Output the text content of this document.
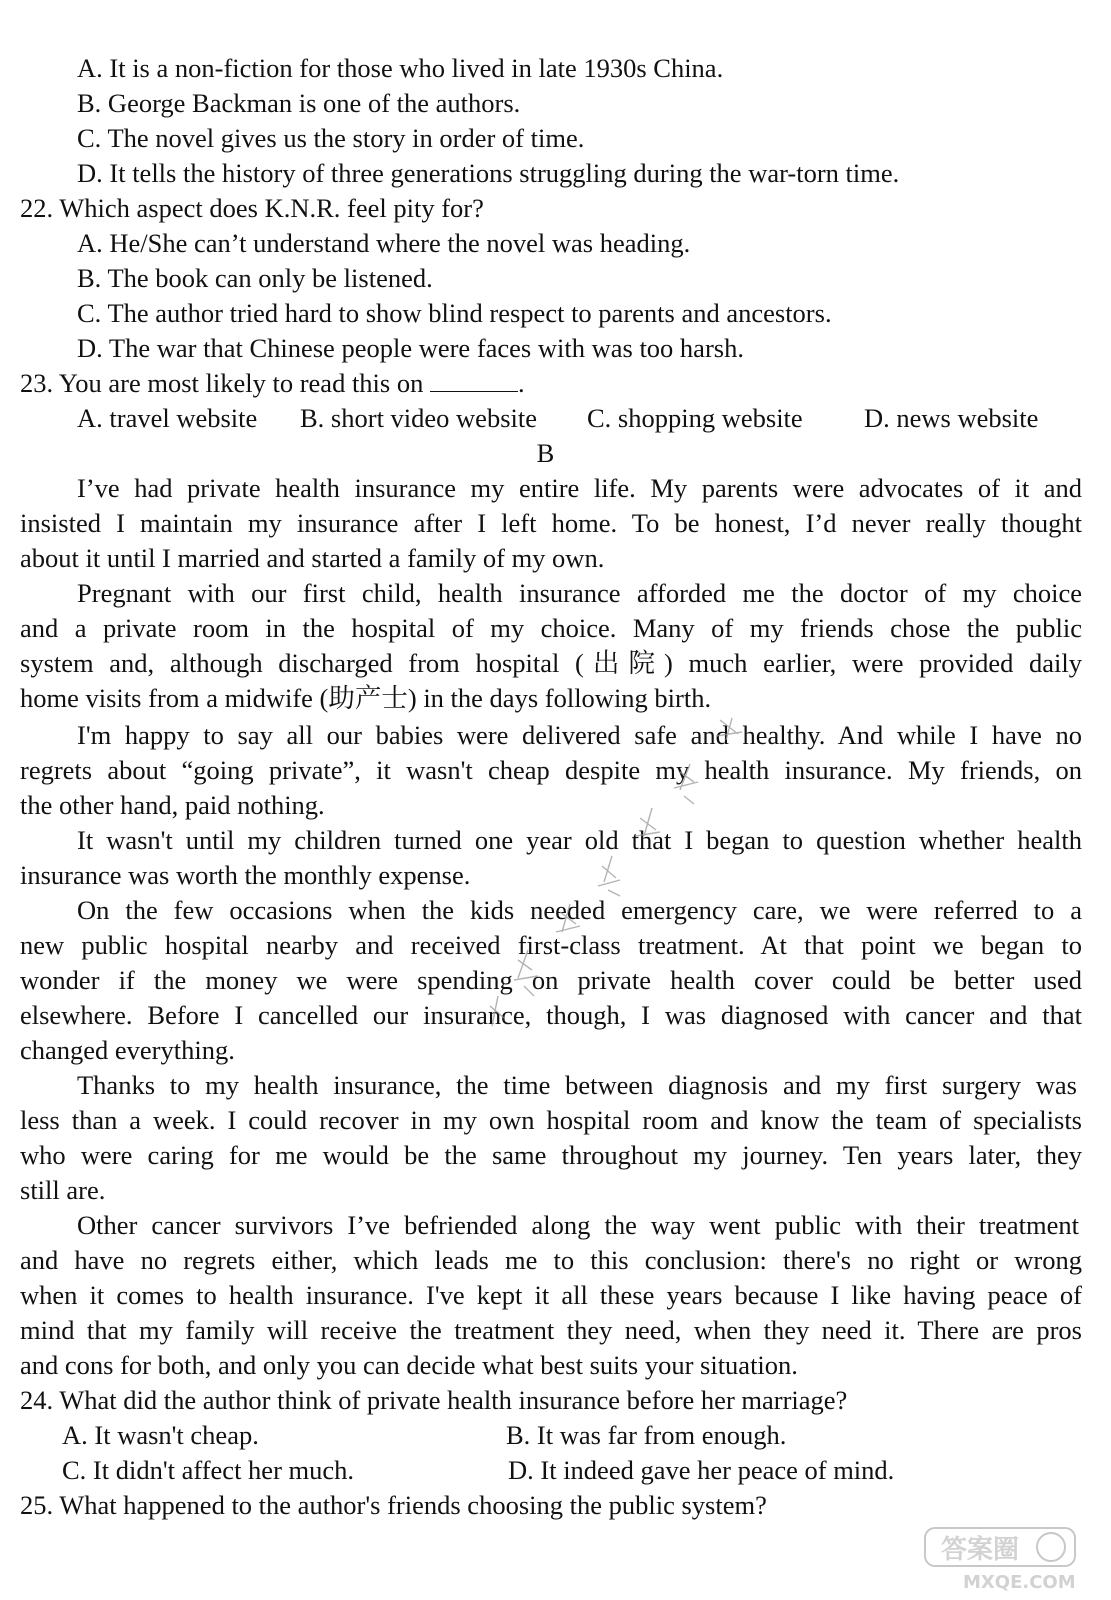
A. It is a non-fiction for those who lived in late 1930s China.
B. George Backman is one of the authors.
C. The novel gives us the story in order of time.
D. It tells the history of three generations struggling during the war-torn time.
22. Which aspect does K.N.R. feel pity for?
A. He/She can’t understand where the novel was heading.
B. The book can only be listened.
C. The author tried hard to show blind respect to parents and ancestors.
D. The war that Chinese people were faces with was too harsh.
23. You are most likely to read this on	.
A. travel website B. short video website C. shopping website D. news website
B
I’ve had private health insurance my entire life. My parents were advocates of it and
insisted I maintain my insurance after I left home. To be honest, I’d never really thought
about it until I married and started a family of my own.
Pregnant with our first child, health insurance afforded me the doctor of my choice
and a private room in the hospital of my choice. Many of my friends chose the public
system and, although discharged from hospital (出院) much earlier, were provided daily
home visits from a midwife (助产士) in the days following birth.
I'm happy to say all our babies were delivered safe and healthy. And while I have no
regrets about “going private”, it wasn't cheap despite my health insurance. My friends, on
the other hand, paid nothing.
It wasn't until my children turned one year old that I began to question whether health
insurance was worth the monthly expense.
On the few occasions when the kids needed emergency care, we were referred to a
new public hospital nearby and received first-class treatment. At that point we began to
wonder if the money we were spending on private health cover could be better used
elsewhere. Before I cancelled our insurance, though, I was diagnosed with cancer and that
changed everything.
Thanks to my health insurance, the time between diagnosis and my first surgery was
less than a week. I could recover in my own hospital room and know the team of specialists
who were caring for me would be the same throughout my journey. Ten years later, they
still are.
Other cancer survivors I’ve befriended along the way went public with their treatment
and have no regrets either, which leads me to this conclusion: there's no right or wrong
when it comes to health insurance. I've kept it all these years because I like having peace of
mind that my family will receive the treatment they need, when they need it. There are pros
and cons for both, and only you can decide what best suits your situation.
24. What did the author think of private health insurance before her marriage?
A. It wasn't cheap.	B. It was far from enough.
C. It didn't affect her much.	D. It indeed gave her peace of mind.
25. What happened to the author's friends choosing the public system?
答案圈
MXQE.COM
